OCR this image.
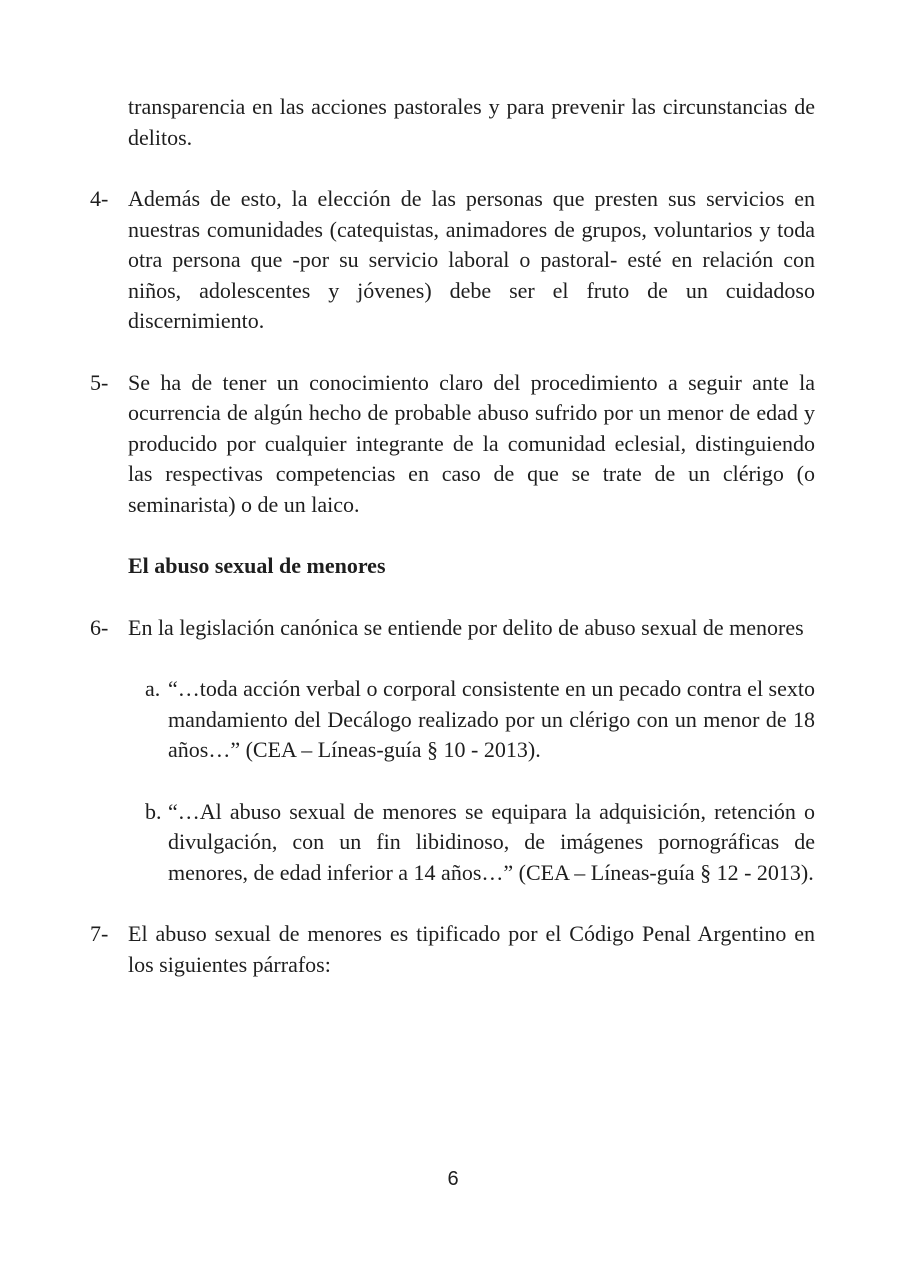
transparencia en las acciones pastorales y para prevenir las circunstancias de delitos.

4- Además de esto, la elección de las personas que presten sus servicios en nuestras comunidades (catequistas, animadores de grupos, voluntarios y toda otra persona que -por su servicio laboral o pastoral- esté en relación con niños, adolescentes y jóvenes) debe ser el fruto de un cuidadoso discernimiento.

5- Se ha de tener un conocimiento claro del procedimiento a seguir ante la ocurrencia de algún hecho de probable abuso sufrido por un menor de edad y producido por cualquier integrante de la comunidad eclesial, distinguiendo las respectivas competencias en caso de que se trate de un clérigo (o seminarista) o de un laico.

El abuso sexual de menores
6- En la legislación canónica se entiende por delito de abuso sexual de menores

a. “…toda acción verbal o corporal consistente en un pecado contra el sexto mandamiento del Decálogo realizado por un clérigo con un menor de 18 años…” (CEA – Líneas-guía § 10 - 2013).

b. “…Al abuso sexual de menores se equipara la adquisición, retención o divulgación, con un fin libidinoso, de imágenes pornográficas de menores, de edad inferior a 14 años…” (CEA – Líneas-guía § 12 - 2013).

7- El abuso sexual de menores es tipificado por el Código Penal Argentino en los siguientes párrafos:

6
